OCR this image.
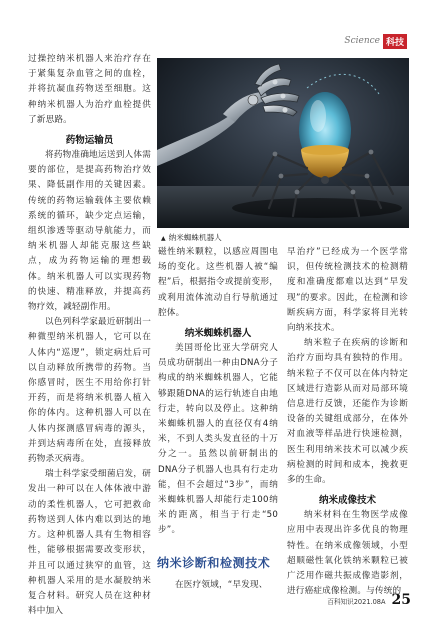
Science 科技

过操控纳米机器人来治疗存在于紧集复杂血管之间的血栓，并将抗凝血药物送至细胞。这种纳米机器人为治疗血栓提供了新思路。

药物运输员

将药物准确地运送到人体需要的部位，是提高药物治疗效果、降低副作用的关键因素。传统的药物运输载体主要依赖系统的循环，缺少定点运输，组织渗透等驱动导航能力，而纳米机器人却能克服这些缺点，成为药物运输的理想载体。纳米机器人可以实现药物的快速、精准释放，并提高药物疗效，减轻副作用。

以色列科学家最近研制出一种微型纳米机器人，它可以在人体内“巡逻”，锁定病灶后可以自动释放所携带的药物。当你感冒时，医生不用给你打针开药，而是将纳米机器人植入你的体内。这种机器人可以在人体内探测感冒病毒的源头，并到达病毒所在处，直接释放药物杀灭病毒。

瑞士科学家受细菌启发，研发出一种可以在人体体液中游动的柔性机器人，它可把救命药物送到人体内难以到达的地方。这种机器人具有生物相容性，能够根据需要改变形状，并且可以通过狭窄的血管，这种机器人采用的是水凝胶纳米复合材料。研究人员在这种材料中加入

▲ 纳米蜘蛛机器人

磁性纳米颗粒，以感应周围电场的变化。这些机器人被“编程”后，根据指令或提前变形，或利用流体流动自行导航通过腔体。

纳米蜘蛛机器人

美国哥伦比亚大学研究人员成功研制出一种由DNA分子构成的纳米蜘蛛机器人，它能够跟随DNA的运行轨迹自由地行走，转向以及停止。这种纳米蜘蛛机器人的直径仅有4纳米，不到人类头发直径的十万分之一。虽然以前研制出的DNA分子机器人也具有行走功能，但不会超过“3步”，而纳米蜘蛛机器人却能行走100纳米的距离，相当于行走“50步”。

纳米诊断和检测技术

在医疗领域，“早发现、

早治疗”已经成为一个医学常识，但传统检测技术的检测精度和准确度都难以达到“早发现”的要求。因此，在检测和诊断疾病方面，科学家将目光转向纳米技术。

纳米粒子在疾病的诊断和治疗方面均具有独特的作用。纳米粒子不仅可以在体内特定区域进行造影从而对局部环境信息进行反馈，还能作为诊断设备的关键组成部分，在体外对血液等样品进行快速检测，医生利用纳米技术可以减少疾病检测的时间和成本，挽救更多的生命。

纳米成像技术

纳米材料在生物医学成像应用中表现出许多优良的物理特性。在纳米成像领域，小型超顺磁性氧化铁纳米颗粒已被广泛用作磁共振成像造影剂，进行癌症成像检测。与传统的

百科知识2021.08A 25
